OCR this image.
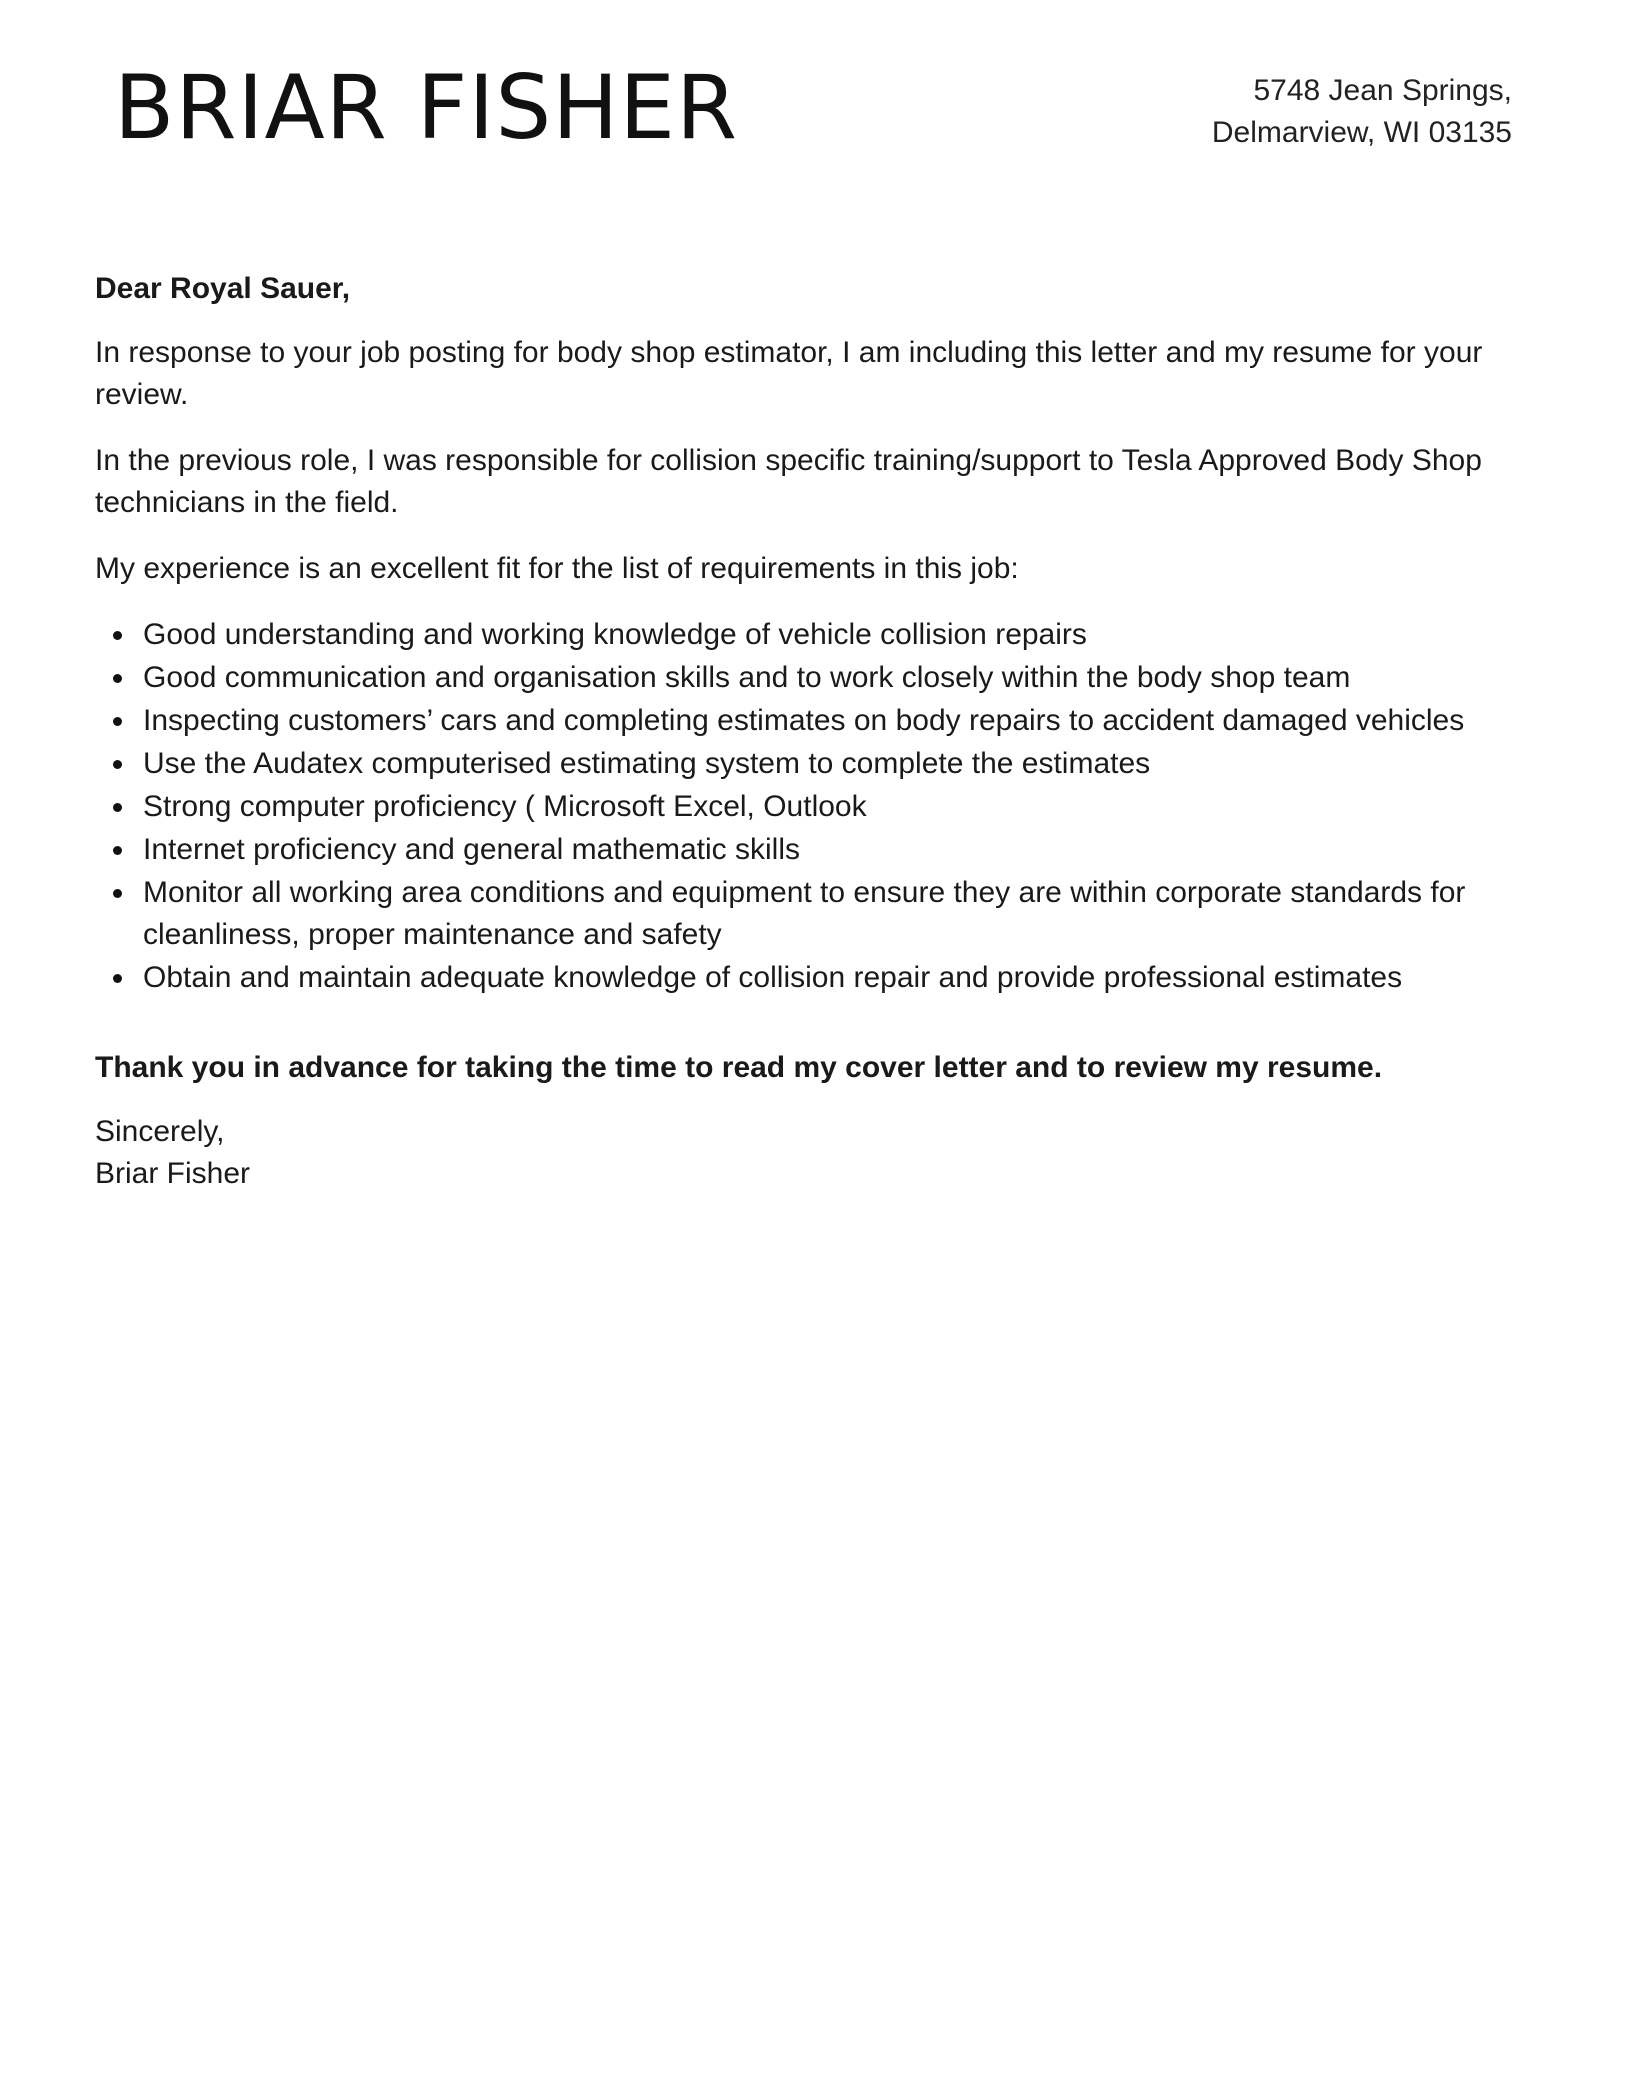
BRIAR FISHER	5748 Jean Springs,
Delmarview, WI 03135

Dear Royal Sauer,

In response to your job posting for body shop estimator, I am including this letter and my resume for your review.

In the previous role, I was responsible for collision specific training/support to Tesla Approved Body Shop technicians in the field.

My experience is an excellent fit for the list of requirements in this job:

Good understanding and working knowledge of vehicle collision repairs
Good communication and organisation skills and to work closely within the body shop team
Inspecting customers’ cars and completing estimates on body repairs to accident damaged vehicles
Use the Audatex computerised estimating system to complete the estimates
Strong computer proficiency ( Microsoft Excel, Outlook
Internet proficiency and general mathematic skills
Monitor all working area conditions and equipment to ensure they are within corporate standards for cleanliness, proper maintenance and safety
Obtain and maintain adequate knowledge of collision repair and provide professional estimates

Thank you in advance for taking the time to read my cover letter and to review my resume.

Sincerely,
Briar Fisher
